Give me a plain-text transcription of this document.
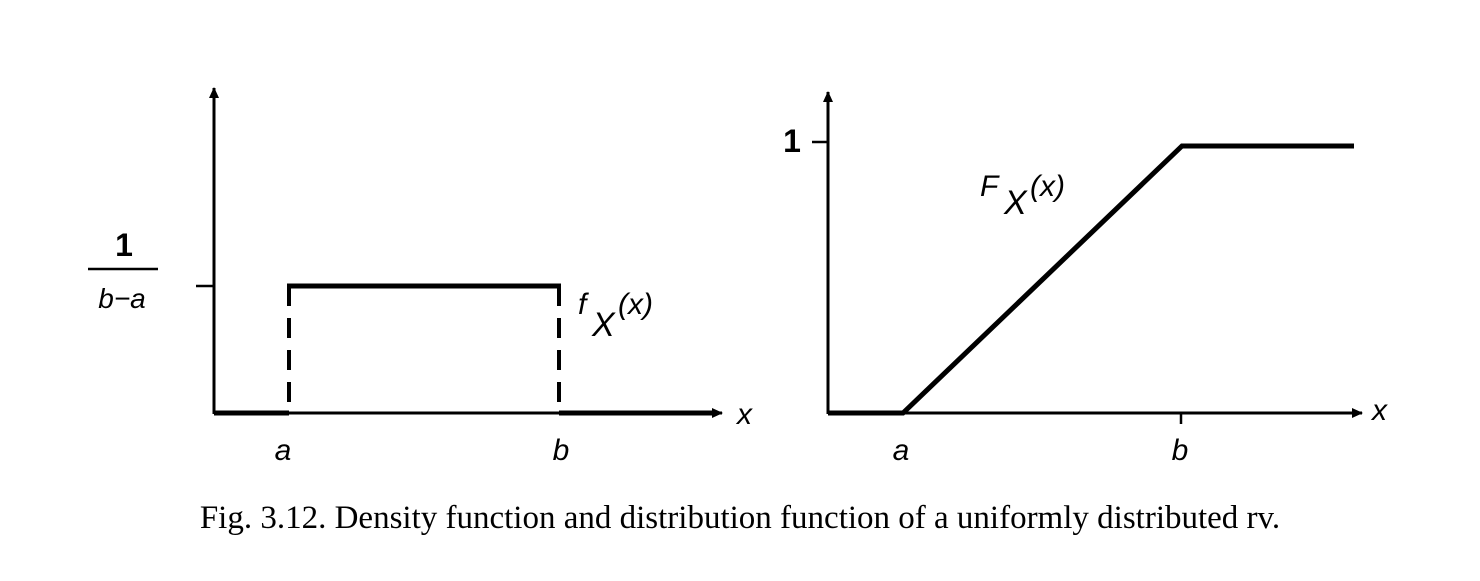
1
b−a
a	b
x
f
X
(x)
1
a	b
x
F X (x)
Fig. 3.12. Density function and distribution function of a uniformly distributed rv.
